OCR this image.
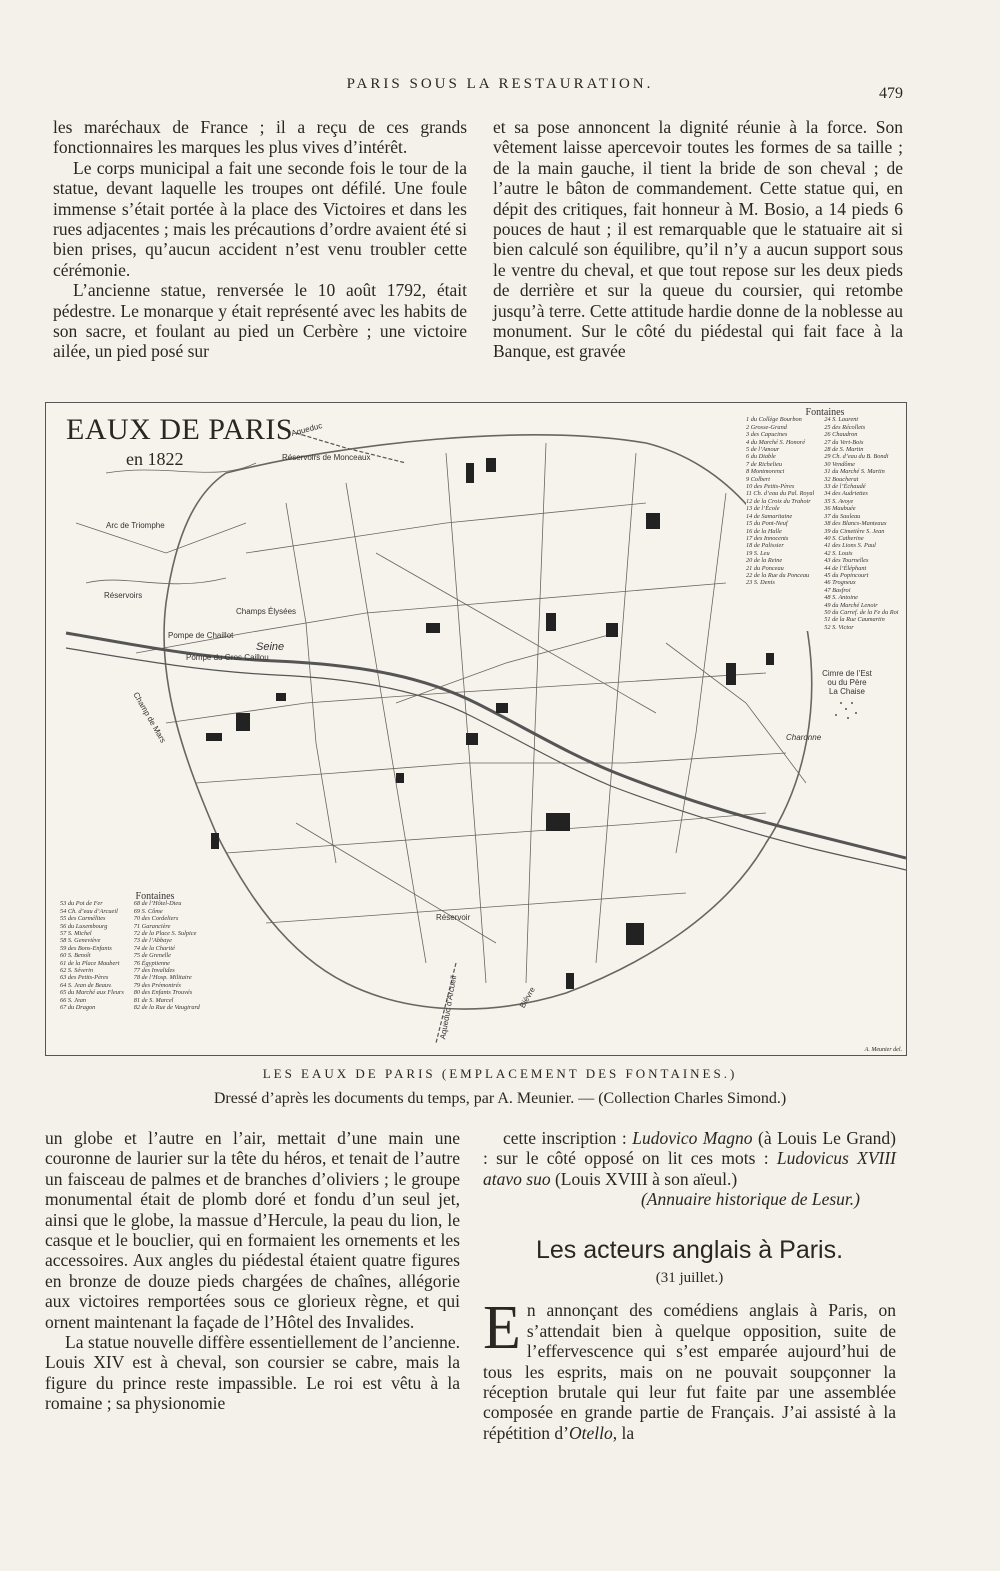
PARIS SOUS LA RESTAURATION.
479

les maréchaux de France ; il a reçu de ces grands fonctionnaires les marques les plus vives d’intérêt.

Le corps municipal a fait une seconde fois le tour de la statue, devant laquelle les troupes ont défilé. Une foule immense s’était portée à la place des Victoires et dans les rues adjacentes ; mais les précautions d’ordre avaient été si bien prises, qu’aucun accident n’est venu troubler cette cérémonie.

L’ancienne statue, renversée le 10 août 1792, était pédestre. Le monarque y était représenté avec les habits de son sacre, et foulant au pied un Cerbère ; une victoire ailée, un pied posé sur

et sa pose annoncent la dignité réunie à la force. Son vêtement laisse apercevoir toutes les formes de sa taille ; de la main gauche, il tient la bride de son cheval ; de l’autre le bâton de commandement. Cette statue qui, en dépit des critiques, fait honneur à M. Bosio, a 14 pieds 6 pouces de haut ; il est remarquable que le statuaire ait si bien calculé son équilibre, qu’il n’y a aucun support sous le ventre du cheval, et que tout repose sur les deux pieds de derrière et sur la queue du coursier, qui retombe jusqu’à terre. Cette attitude hardie donne de la noblesse au monument. Sur le côté du piédestal qui fait face à la Banque, est gravée

EAUX DE PARIS
en 1822	Réservoirs de Monceaux
Aqueduc
Réservoirs
Pompe de Chaillot
Pompe du Gros Caillou
Seine
Champs Élysées
Champ de Mars
Réservoir
Cimre de l’Est ou du Père La Chaise
Aqueduc d’Arcueil	Bièvre
Charonne
Arc de Triomphe
Fontaines
1 du Collège Bourbon
2 Grosse-Grand
3 des Capucines
4 du Marché S. Honoré
5 de l’Amour
6 du Diable
7 de Richelieu
8 Montmorenci
9 Colbert
10 des Petits-Pères
11 Ch. d’eau du Pal. Royal
12 de la Croix du Trahoir
13 de l’École
14 de Samaritaine
15 du Pont-Neuf
16 de la Halle
17 des Innocents
18 de Palissier
19 S. Leu
20 de la Reine
21 du Ponceau
22 de la Rue du Ponceau
23 S. Denis
24 S. Laurent
25 des Récollets
26 Chaudron
27 du Vert-Bois
28 de S. Martin
29 Ch. d’eau du B. Bondi
30 Vendôme
31 du Marché S. Martin
32 Boucherat
33 de l’Échaudé
34 des Audriettes
35 S. Avoye
36 Maubuée
37 du Sauleau
38 des Blancs-Manteaux
39 du Cimetière S. Jean
40 S. Catherine
41 des Lions S. Paul
42 S. Louis
43 des Tournelles
44 de l’Éléphant
45 du Popincourt
46 Trogneux
47 Basfroi
48 S. Antoine
49 du Marché Lenoir
50 du Carref. de la Fe du Roi
51 de la Rue Caumartin
52 S. Victor
Fontaines
53 du Pot de Fer
54 Ch. d’eau d’Arcueil
55 des Carmélites
56 du Luxembourg
57 S. Michel
58 S. Geneviève
59 des Bons-Enfants
60 S. Benoît
61 de la Place Maubert
62 S. Séverin
63 des Petits-Pères
64 S. Jean de Beauv.
65 du Marché aux Fleurs
66 S. Jean
67 du Dragon
68 de l’Hôtel-Dieu
69 S. Côme
70 des Cordeliers
71 Garancière
72 de la Place S. Sulpice
73 de l’Abbaye
74 de la Charité
75 de Grenelle
76 Égyptienne
77 des Invalides
78 de l’Hosp. Militaire
79 des Prémontrés
80 des Enfants Trouvés
81 de S. Marcel
82 de la Rue de Vaugirard
A. Meunier del.
LES EAUX DE PARIS (EMPLACEMENT DES FONTAINES.)
Dressé d’après les documents du temps, par A. Meunier. — (Collection Charles Simond.)

un globe et l’autre en l’air, mettait d’une main une couronne de laurier sur la tête du héros, et tenait de l’autre un faisceau de palmes et de branches d’oliviers ; le groupe monumental était de plomb doré et fondu d’un seul jet, ainsi que le globe, la massue d’Hercule, la peau du lion, le casque et le bouclier, qui en formaient les ornements et les accessoires. Aux angles du piédestal étaient quatre figures en bronze de douze pieds chargées de chaînes, allégorie aux victoires remportées sous ce glorieux règne, et qui ornent maintenant la façade de l’Hôtel des Invalides.

La statue nouvelle diffère essentiellement de l’ancienne. Louis XIV est à cheval, son coursier se cabre, mais la figure du prince reste impassible. Le roi est vêtu à la romaine ; sa physionomie

cette inscription : Ludovico Magno (à Louis Le Grand) : sur le côté opposé on lit ces mots : Ludovicus XVIII atavo suo (Louis XVIII à son aïeul.)

(Annuaire historique de Lesur.)
Les acteurs anglais à Paris.
(31 juillet.)

En annonçant des comédiens anglais à Paris, on s’attendait bien à quelque opposition, suite de l’effervescence qui s’est emparée aujourd’hui de tous les esprits, mais on ne pouvait soupçonner la réception brutale qui leur fut faite par une assemblée composée en grande partie de Français. J’ai assisté à la répétition d’Otello, la
